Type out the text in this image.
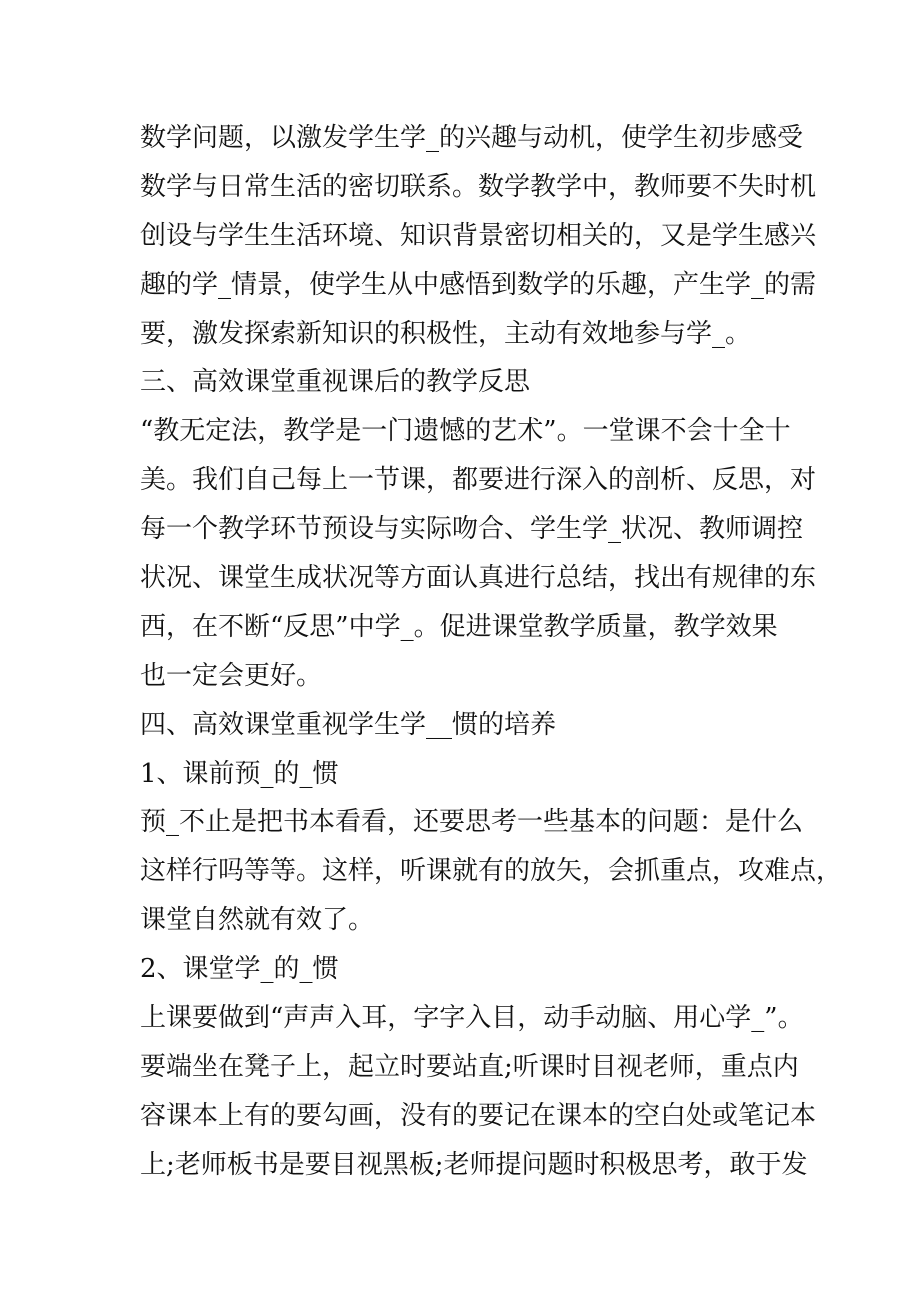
数学问题，以激发学生学_的兴趣与动机，使学生初步感受
数学与日常生活的密切联系。数学教学中，教师要不失时机
创设与学生生活环境、知识背景密切相关的，又是学生感兴
趣的学_情景，使学生从中感悟到数学的乐趣，产生学_的需
要，激发探索新知识的积极性，主动有效地参与学_。
三、高效课堂重视课后的教学反思
“教无定法，教学是一门遗憾的艺术”。一堂课不会十全十
美。我们自己每上一节课，都要进行深入的剖析、反思，对
每一个教学环节预设与实际吻合、学生学_状况、教师调控
状况、课堂生成状况等方面认真进行总结，找出有规律的东
西，在不断“反思”中学_。促进课堂教学质量，教学效果
也一定会更好。
四、高效课堂重视学生学__惯的培养
1、课前预_的_惯
预_不止是把书本看看，还要思考一些基本的问题：是什么
这样行吗等等。这样，听课就有的放矢，会抓重点，攻难点，
课堂自然就有效了。
2、课堂学_的_惯
上课要做到“声声入耳，字字入目，动手动脑、用心学_”。
要端坐在凳子上，起立时要站直;听课时目视老师，重点内
容课本上有的要勾画，没有的要记在课本的空白处或笔记本
上;老师板书是要目视黑板;老师提问题时积极思考，敢于发
